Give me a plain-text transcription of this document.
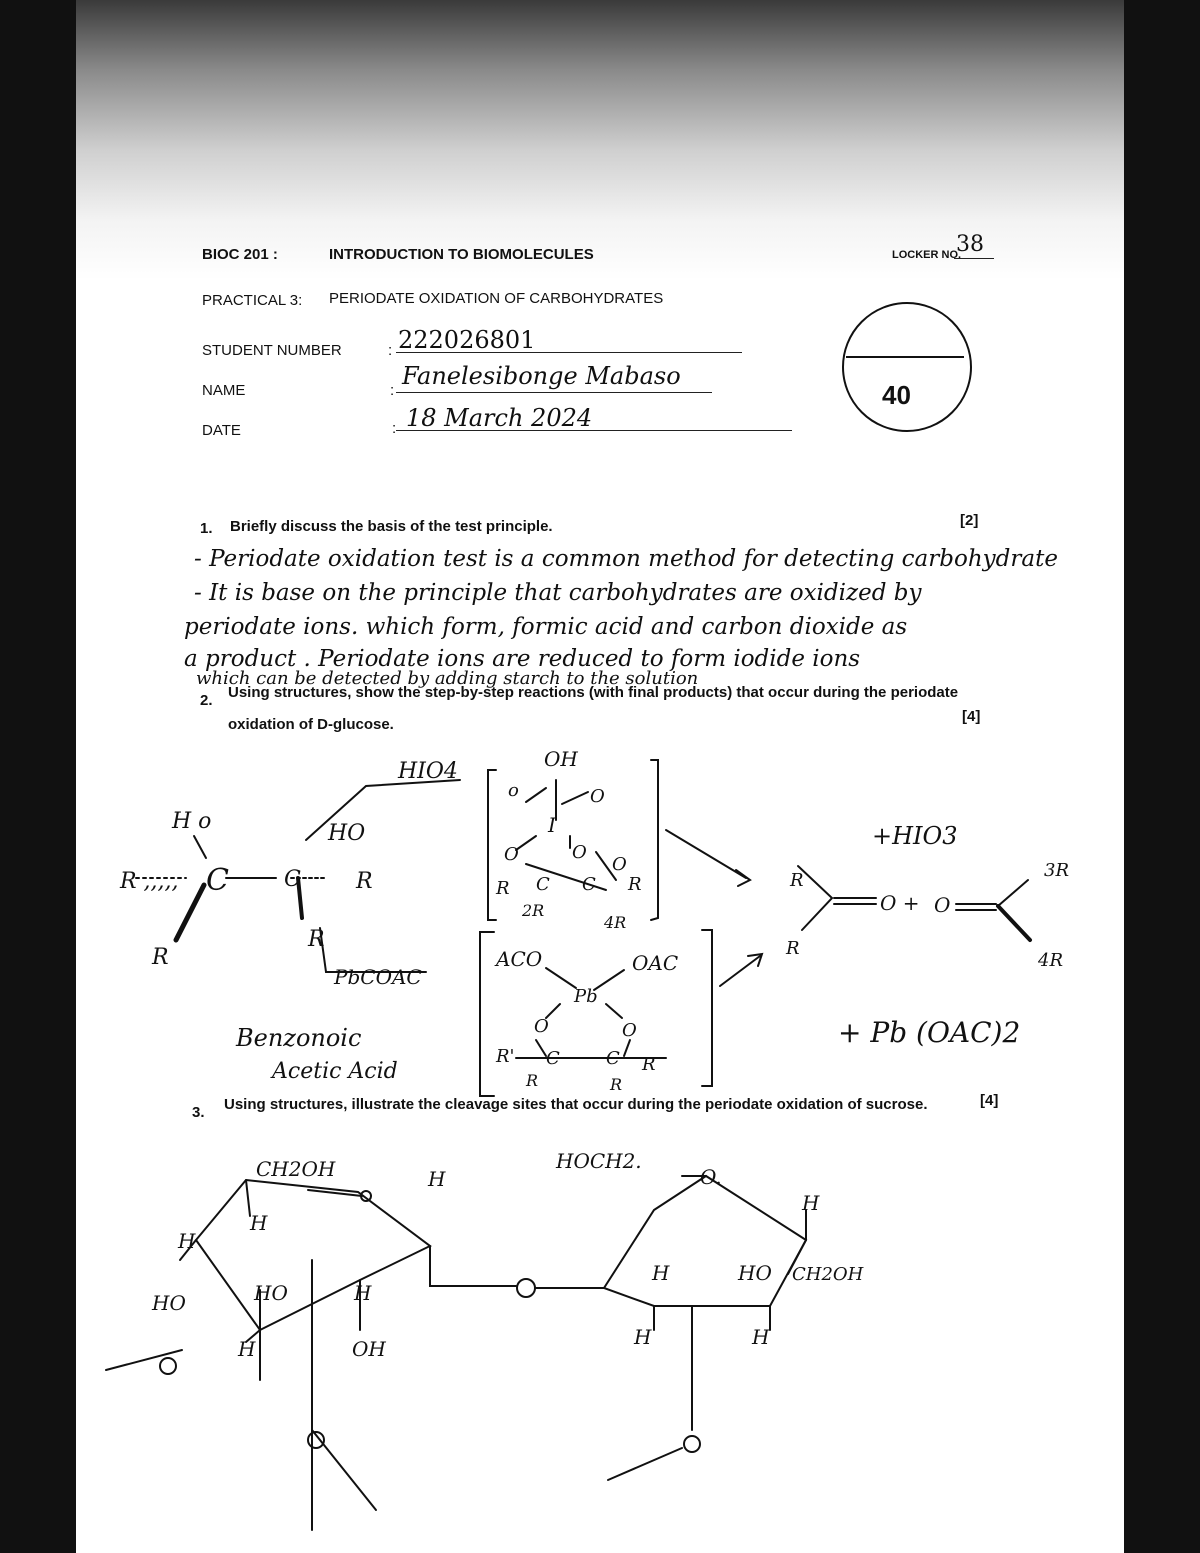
BIOC 201 :	INTRODUCTION TO BIOMOLECULES	LOCKER NO.
38
PRACTICAL 3: PERIODATE OXIDATION OF CARBOHYDRATES
STUDENT NUMBER	: 222026801
NAME	:
Fanelesibonge Mabaso
DATE	: 18 March 2024
40
1. Briefly discuss the basis of the test principle.	[2]
- Periodate oxidation test is a common method for detecting carbohydrate
- It is base on the principle that carbohydrates are oxidized by
periodate ions. which form, formic acid and carbon dioxide as
a product . Periodate ions are reduced to form iodide ions
which can be detected by adding starch to the solution
2. Using structures, show the step-by-step reactions (with final products) that occur during the periodate
oxidation of D-glucose.	[4]
H o
R ,,,,, C	C	R
HO
R
R
HIO4	OH
o
I
O
O	O
O
R C C R
2R
4R
ACO	OAC
Pb
O	O
R' C	C R
R	R
PbCOAC
Benzonoic
Acetic Acid
+HIO3
R
R
O + O
3R
4R
+ Pb (OAC)2
3. Using structures, illustrate the cleavage sites that occur during the periodate oxidation of sucrose.	[4]
CH2OH	H
HOCH2.
O.
H
H
HO	HO	H
H	OH
H
H	HO CH2OH
H	H
